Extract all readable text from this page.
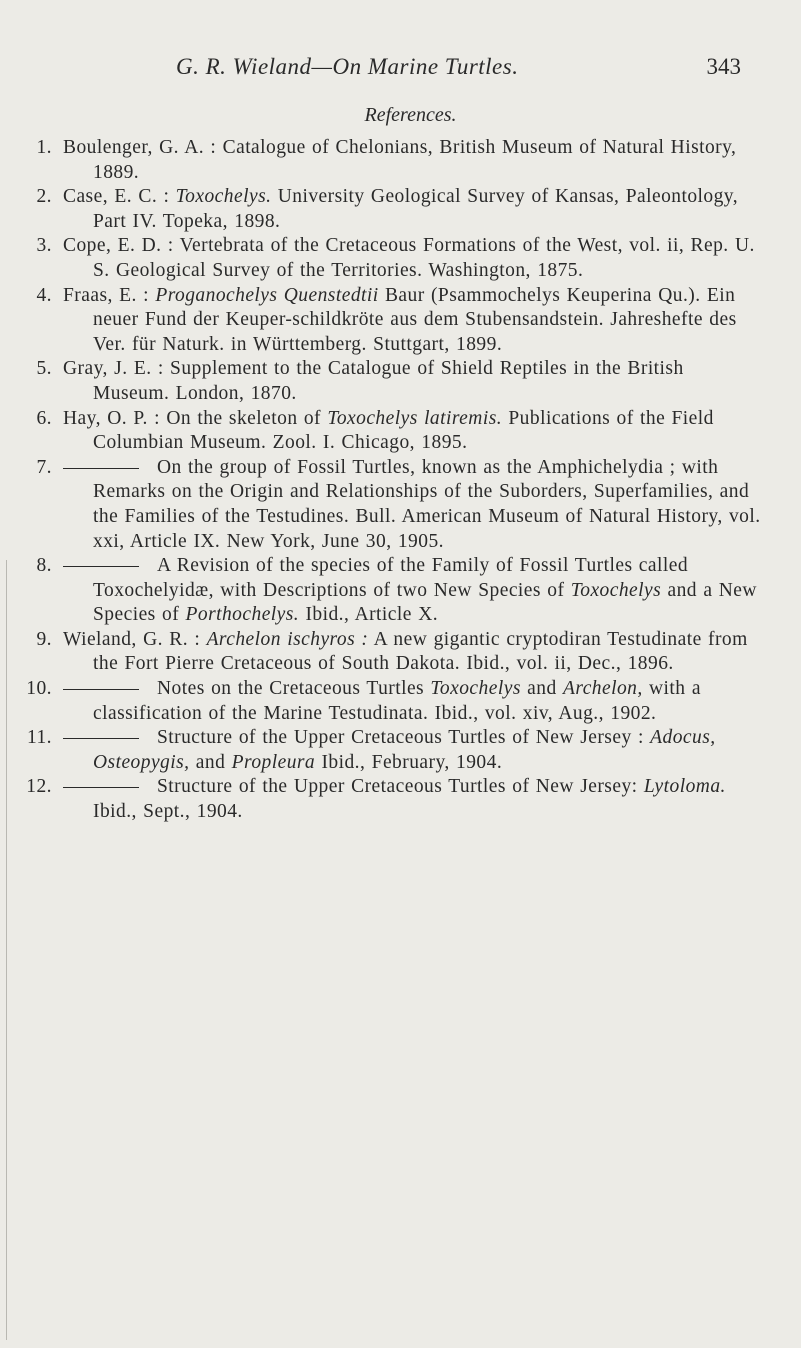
G. R. Wieland—On Marine Turtles.	343
References.
1. Boulenger, G. A. : Catalogue of Chelonians, British Museum of Natural History, 1889.
2. Case, E. C. : Toxochelys. University Geological Survey of Kansas, Paleontology, Part IV. Topeka, 1898.
3. Cope, E. D. : Vertebrata of the Cretaceous Formations of the West, vol. ii, Rep. U. S. Geological Survey of the Territories. Washington, 1875.
4. Fraas, E. : Proganochelys Quenstedtii Baur (Psammochelys Keuperina Qu.). Ein neuer Fund der Keuper-schildkröte aus dem Stubensandstein. Jahreshefte des Ver. für Naturk. in Württemberg. Stuttgart, 1899.
5. Gray, J. E. : Supplement to the Catalogue of Shield Reptiles in the British Museum. London, 1870.
6. Hay, O. P. : On the skeleton of Toxochelys latiremis. Publications of the Field Columbian Museum. Zool. I. Chicago, 1895.
7.	On the group of Fossil Turtles, known as the Amphichelydia ; with Remarks on the Origin and Relationships of the Suborders, Superfamilies, and the Families of the Testudines. Bull. American Museum of Natural History, vol. xxi, Article IX. New York, June 30, 1905.
8.	A Revision of the species of the Family of Fossil Turtles called Toxochelyidæ, with Descriptions of two New Species of Toxochelys and a New Species of Porthochelys. Ibid., Article X.
9. Wieland, G. R. : Archelon ischyros : A new gigantic cryptodiran Testudinate from the Fort Pierre Cretaceous of South Dakota. Ibid., vol. ii, Dec., 1896.
10.	Notes on the Cretaceous Turtles Toxochelys and Archelon, with a classification of the Marine Testudinata. Ibid., vol. xiv, Aug., 1902.
11.	Structure of the Upper Cretaceous Turtles of New Jersey : Adocus, Osteopygis, and Propleura Ibid., February, 1904.
12.	Structure of the Upper Cretaceous Turtles of New Jersey: Lytoloma. Ibid., Sept., 1904.
